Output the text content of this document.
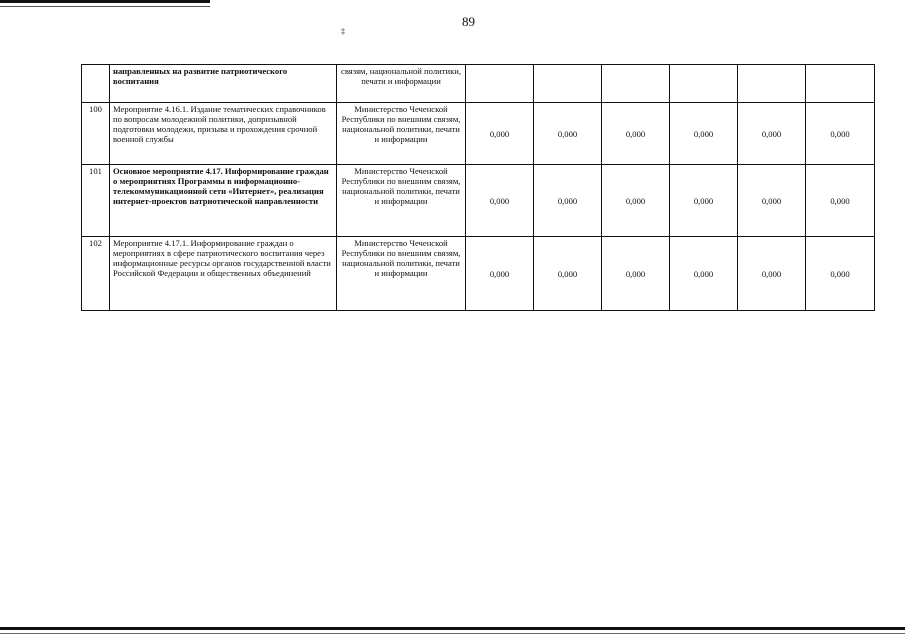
89
‡
	направленных на развитие патриотического воспитания	связям, национальной политики, печати и информации						
100	Мероприятие 4.16.1. Издание тематических справочников по вопросам молодежной политики, допризывной подготовки молодежи, призыва и прохождения срочной военной службы	Министерство Чеченской Республики по внешним связям, национальной политики, печати и информации	0,000	0,000	0,000	0,000	0,000	0,000
101	Основное мероприятие 4.17. Информирование граждан о мероприятиях Программы в информационно-телекоммуникационной сети «Интернет», реализация интернет-проектов патриотической направленности	Министерство Чеченской Республики по внешним связям, национальной политики, печати и информации	0,000	0,000	0,000	0,000	0,000	0,000
102	Мероприятие 4.17.1. Информирование граждан о мероприятиях в сфере патриотического воспитания через информационные ресурсы органов государственной власти Российской Федерации и общественных объединений	Министерство Чеченской Республики по внешним связям, национальной политики, печати и информации	0,000	0,000	0,000	0,000	0,000	0,000
